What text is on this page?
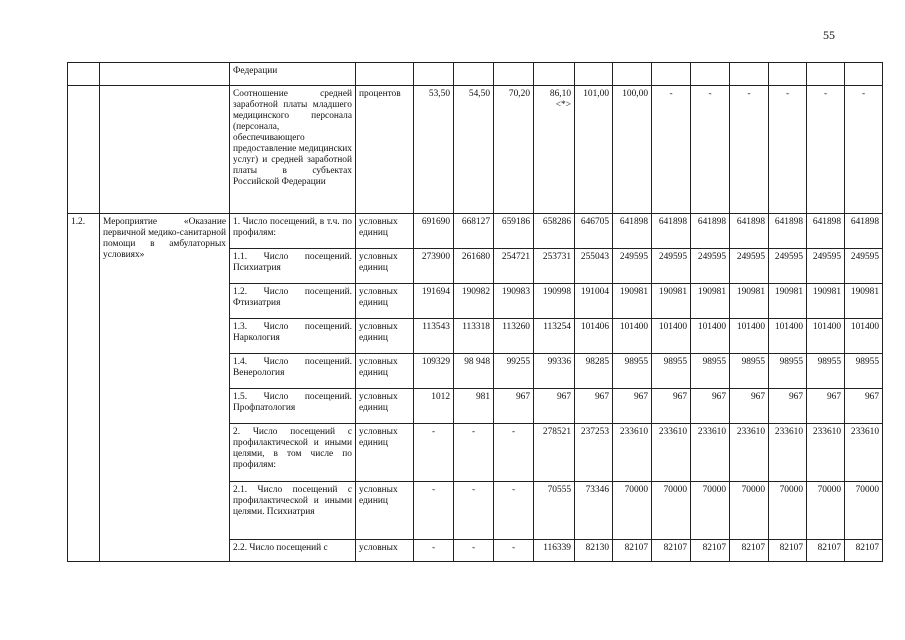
55
		Федерации													
		Соотношение средней заработной платы младшего медицинского персонала (персонала, обеспечивающего предоставление медицинских услуг) и средней заработной платы в субъектах Российской Федерации	процентов	53,50	54,50	70,20	86,10 <*>	101,00	100,00	-	-	-	-	-	-
1.2.	Мероприятие «Оказание первичной медико-санитарной помощи в амбулаторных условиях»	1. Число посещений, в т.ч. по профилям:	условных единиц	691690	668127	659186	658286	646705	641898	641898	641898	641898	641898	641898	641898
		1.1. Число посещений. Психиатрия	условных единиц	273900	261680	254721	253731	255043	249595	249595	249595	249595	249595	249595	249595
		1.2. Число посещений. Фтизиатрия	условных единиц	191694	190982	190983	190998	191004	190981	190981	190981	190981	190981	190981	190981
		1.3. Число посещений. Наркология	условных единиц	113543	113318	113260	113254	101406	101400	101400	101400	101400	101400	101400	101400
		1.4. Число посещений. Венерология	условных единиц	109329	98 948	99255	99336	98285	98955	98955	98955	98955	98955	98955	98955
		1.5. Число посещений. Профпатология	условных единиц	1012	981	967	967	967	967	967	967	967	967	967	967
		2. Число посещений с профилактической и иными целями, в том числе по профилям:	условных единиц	-	-	-	278521	237253	233610	233610	233610	233610	233610	233610	233610
		2.1. Число посещений с профилактической и иными целями. Психиатрия	условных единиц	-	-	-	70555	73346	70000	70000	70000	70000	70000	70000	70000
		2.2. Число посещений с	условных	-	-	-	116339	82130	82107	82107	82107	82107	82107	82107	82107
